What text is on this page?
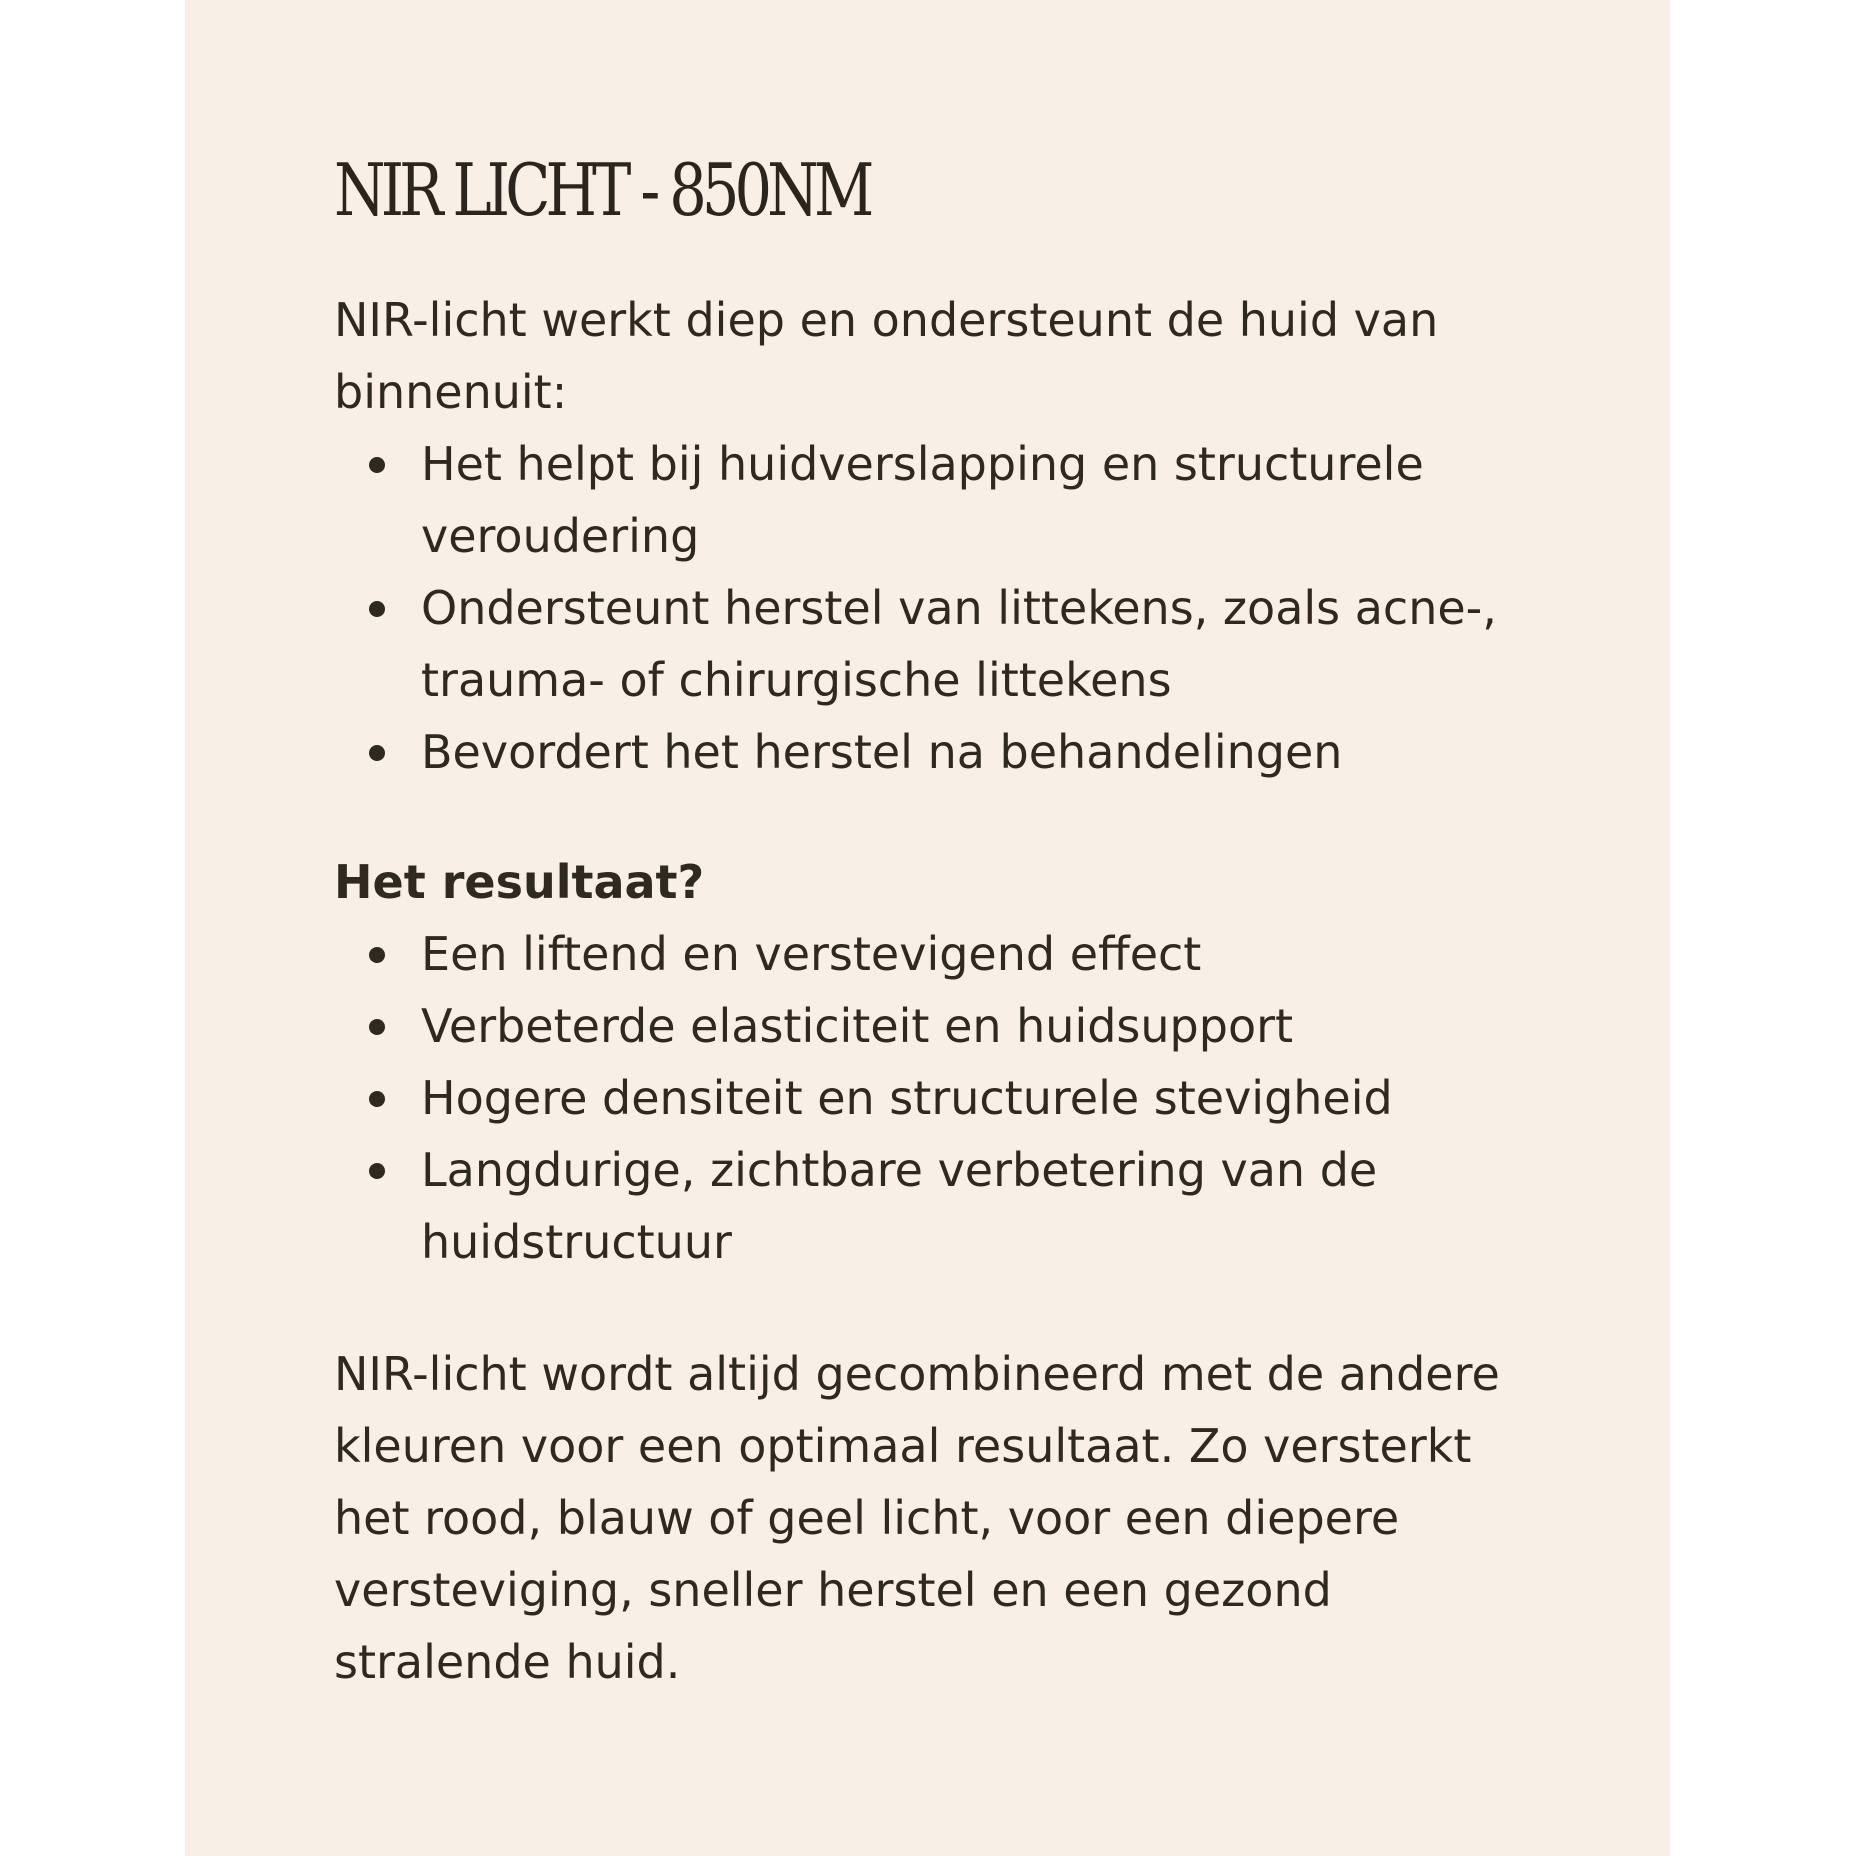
NIR LICHT - 850NM

NIR-licht werkt diep en ondersteunt de huid van binnenuit:

Het helpt bij huidverslapping en structurele veroudering
Ondersteunt herstel van littekens, zoals acne-, trauma- of chirurgische littekens
Bevordert het herstel na behandelingen

Het resultaat?

Een liftend en verstevigend effect
Verbeterde elasticiteit en huidsupport
Hogere densiteit en structurele stevigheid
Langdurige, zichtbare verbetering van de huidstructuur

NIR-licht wordt altijd gecombineerd met de andere kleuren voor een optimaal resultaat. Zo versterkt het rood, blauw of geel licht, voor een diepere versteviging, sneller herstel en een gezond stralende huid.
